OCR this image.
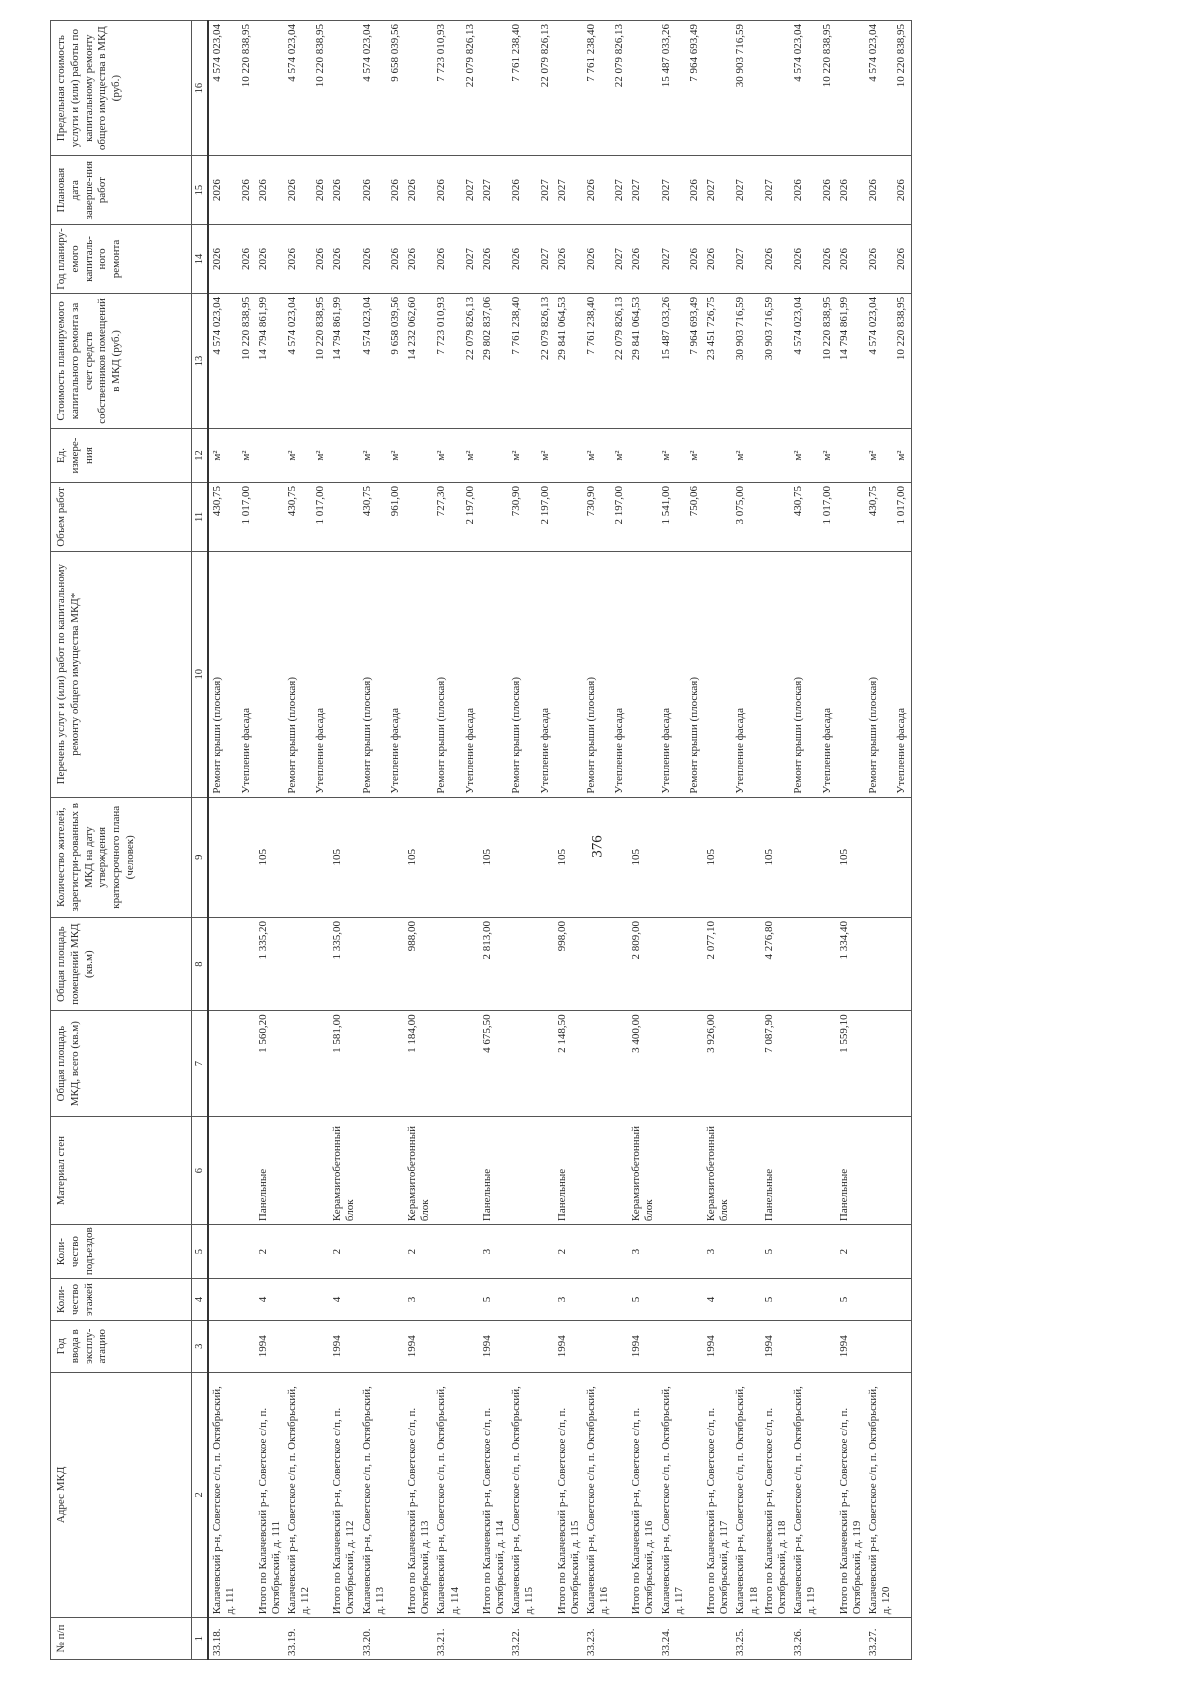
376
№ п/п	Адрес МКД	Год ввода в эксплу-атацию	Коли-чество этажей	Коли-чество подъездов	Материал стен	Общая площадь МКД, всего (кв.м)	Общая площадь помещений МКД (кв.м)	Количество жителей, зарегистри-рованных в МКД на дату утверждения краткосрочного плана (человек)	Перечень услуг и (или) работ по капитальному ремонту общего имущества МКД*	Объем работ	Ед. измере-ния	Стоимость планируемого капитального ремонта за счет средств собственников помещений в МКД (руб.)	Год планиру-емого капиталь-ного ремонта	Плановая дата заверше-ния работ	Предельная стоимость услуги и (или) работы по капитальному ремонту общего имущества в МКД (руб.)
1	2	3	4	5	6	7	8	9	10	11	12	13	14	15	16
33.18.	Калачевский р-н, Советское с/п, п. Октябрьский, д. 111								Ремонт крыши (плоская)	430,75	м²	4 574 023,04	2026	2026	4 574 023,04
									Утепление фасада	1 017,00	м²	10 220 838,95	2026	2026	10 220 838,95
	Итого по Калачевский р-н, Советское с/п, п. Октябрьский, д. 111	1994	4	2	Панельные	1 560,20	1 335,20	105				14 794 861,99	2026	2026	
33.19.	Калачевский р-н, Советское с/п, п. Октябрьский, д. 112								Ремонт крыши (плоская)	430,75	м²	4 574 023,04	2026	2026	4 574 023,04
									Утепление фасада	1 017,00	м²	10 220 838,95	2026	2026	10 220 838,95
	Итого по Калачевский р-н, Советское с/п, п. Октябрьский, д. 112	1994	4	2	Керамзитобетонный блок	1 581,00	1 335,00	105				14 794 861,99	2026	2026	
33.20.	Калачевский р-н, Советское с/п, п. Октябрьский, д. 113								Ремонт крыши (плоская)	430,75	м²	4 574 023,04	2026	2026	4 574 023,04
									Утепление фасада	961,00	м²	9 658 039,56	2026	2026	9 658 039,56
	Итого по Калачевский р-н, Советское с/п, п. Октябрьский, д. 113	1994	3	2	Керамзитобетонный блок	1 184,00	988,00	105				14 232 062,60	2026	2026	
33.21.	Калачевский р-н, Советское с/п, п. Октябрьский, д. 114								Ремонт крыши (плоская)	727,30	м²	7 723 010,93	2026	2026	7 723 010,93
									Утепление фасада	2 197,00	м²	22 079 826,13	2027	2027	22 079 826,13
	Итого по Калачевский р-н, Советское с/п, п. Октябрьский, д. 114	1994	5	3	Панельные	4 675,50	2 813,00	105				29 802 837,06	2026	2027	
33.22.	Калачевский р-н, Советское с/п, п. Октябрьский, д. 115								Ремонт крыши (плоская)	730,90	м²	7 761 238,40	2026	2026	7 761 238,40
									Утепление фасада	2 197,00	м²	22 079 826,13	2027	2027	22 079 826,13
	Итого по Калачевский р-н, Советское с/п, п. Октябрьский, д. 115	1994	3	2	Панельные	2 148,50	998,00	105				29 841 064,53	2026	2027	
33.23.	Калачевский р-н, Советское с/п, п. Октябрьский, д. 116								Ремонт крыши (плоская)	730,90	м²	7 761 238,40	2026	2026	7 761 238,40
									Утепление фасада	2 197,00	м²	22 079 826,13	2027	2027	22 079 826,13
	Итого по Калачевский р-н, Советское с/п, п. Октябрьский, д. 116	1994	5	3	Керамзитобетонный блок	3 400,00	2 809,00	105				29 841 064,53	2026	2027	
33.24.	Калачевский р-н, Советское с/п, п. Октябрьский, д. 117								Утепление фасада	1 541,00	м²	15 487 033,26	2027	2027	15 487 033,26
									Ремонт крыши (плоская)	750,06	м²	7 964 693,49	2026	2026	7 964 693,49
	Итого по Калачевский р-н, Советское с/п, п. Октябрьский, д. 117	1994	4	3	Керамзитобетонный блок	3 926,00	2 077,10	105				23 451 726,75	2026	2027	
33.25.	Калачевский р-н, Советское с/п, п. Октябрьский, д. 118								Утепление фасада	3 075,00	м²	30 903 716,59	2027	2027	30 903 716,59
	Итого по Калачевский р-н, Советское с/п, п. Октябрьский, д. 118	1994	5	5	Панельные	7 087,90	4 276,80	105				30 903 716,59	2026	2027	
33.26.	Калачевский р-н, Советское с/п, п. Октябрьский, д. 119								Ремонт крыши (плоская)	430,75	м²	4 574 023,04	2026	2026	4 574 023,04
									Утепление фасада	1 017,00	м²	10 220 838,95	2026	2026	10 220 838,95
	Итого по Калачевский р-н, Советское с/п, п. Октябрьский, д. 119	1994	5	2	Панельные	1 559,10	1 334,40	105				14 794 861,99	2026	2026	
33.27.	Калачевский р-н, Советское с/п, п. Октябрьский, д. 120								Ремонт крыши (плоская)	430,75	м²	4 574 023,04	2026	2026	4 574 023,04
									Утепление фасада	1 017,00	м²	10 220 838,95	2026	2026	10 220 838,95
